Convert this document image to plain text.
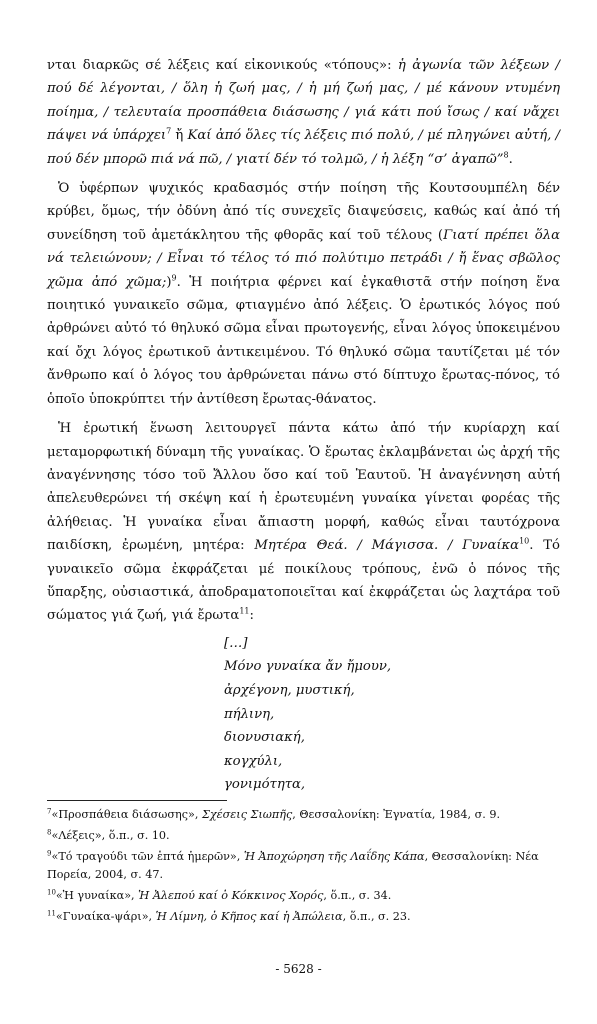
νται διαρκῶς σέ λέξεις καί εἰκονικούς «τόπους»: ἡ ἀγωνία τῶν λέξεων / πού δέ λέγονται, / ὅλη ἡ ζωή μας, / ἡ μή ζωή μας, / μέ κάνουν ντυμένη ποίημα, / τελευταία προσπάθεια διάσωσης / γιά κάτι πού ἴσως / καί νἄχει πάψει νά ὑπάρχει$^7$ ἤ Καί ἀπό ὅλες τίς λέξεις πιό πολύ, / μέ πληγώνει αὐτή, / πού δέν μπορῶ πιά νά πῶ, / γιατί δέν τό τολμῶ, / ἡ λέξη “σ’ ἀγαπῶ”$^8$.

Ὁ ὑφέρπων ψυχικός κραδασμός στήν ποίηση τῆς Κουτσουμπέλη δέν κρύβει, ὅμως, τήν ὀδύνη ἀπό τίς συνεχεῖς διαψεύσεις, καθώς καί ἀπό τή συνείδηση τοῦ ἀμετάκλητου τῆς φθορᾶς καί τοῦ τέλους (Γιατί πρέπει ὅλα νά τελειώνουν; / Εἶναι τό τέλος τό πιό πολύτιμο πετράδι / ἤ ἕνας σβῶλος χῶμα ἀπό χῶμα;)$^9$. Ἡ ποιήτρια φέρνει καί ἐγκαθιστᾶ στήν ποίηση ἕνα ποιητικό γυναικεῖο σῶμα, φτιαγμένο ἀπό λέξεις. Ὁ ἐρωτικός λόγος πού ἀρθρώνει αὐτό τό θηλυκό σῶμα εἶναι πρωτογενής, εἶναι λόγος ὑποκειμένου καί ὄχι λόγος ἐρωτικοῦ ἀντικειμένου. Τό θηλυκό σῶμα ταυτίζεται μέ τόν ἄνθρωπο καί ὁ λόγος του ἀρθρώνεται πάνω στό δίπτυχο ἔρωτας-πόνος, τό ὁποῖο ὑποκρύπτει τήν ἀντίθεση ἔρωτας-θάνατος.

Ἡ ἐρωτική ἕνωση λειτουργεῖ πάντα κάτω ἀπό τήν κυρίαρχη καί μεταμορφωτική δύναμη τῆς γυναίκας. Ὁ ἔρωτας ἐκλαμβάνεται ὡς ἀρχή τῆς ἀναγέννησης τόσο τοῦ Ἄλλου ὅσο καί τοῦ Ἑαυτοῦ. Ἡ ἀναγέννηση αὐτή ἀπελευθερώνει τή σκέψη καί ἡ ἐρωτευμένη γυναίκα γίνεται φορέας τῆς ἀλήθειας. Ἡ γυναίκα εἶναι ἄπιαστη μορφή, καθώς εἶναι ταυτόχρονα παιδίσκη, ἐρωμένη, μητέρα: Μητέρα Θεά. / Μάγισσα. / Γυναίκα$^{10}$. Τό γυναικεῖο σῶμα ἐκφράζεται μέ ποικίλους τρόπους, ἐνῶ ὁ πόνος τῆς ὕπαρξης, οὐσιαστικά, ἀποδραματοποιεῖται καί ἐκφράζεται ὡς λαχτάρα τοῦ σώματος γιά ζωή, γιά ἔρωτα$^{11}$:

[…]
Μόνο γυναίκα ἄν ἤμουν,
ἀρχέγονη, μυστική,
πήλινη,
διονυσιακή,
κογχύλι,
γονιμότητα,
$^7$«Προσπάθεια διάσωσης», Σχέσεις Σιωπῆς, Θεσσαλονίκη: Ἐγνατία, 1984, σ. 9.
$^8$«Λέξεις», ὅ.π., σ. 10.
$^9$«Τό τραγούδι τῶν ἑπτά ἡμερῶν», Ἡ Ἀποχώρηση τῆς Λαΐδης Κάπα, Θεσσαλονίκη: Νέα Πορεία, 2004, σ. 47.
$^{10}$«Ἡ γυναίκα», Ἡ Ἀλεπού καί ὁ Κόκκινος Χορός, ὅ.π., σ. 34.
$^{11}$«Γυναίκα-ψάρι», Ἡ Λίμνη, ὁ Κῆπος καί ἡ Ἀπώλεια, ὅ.π., σ. 23.
- 5628 -
